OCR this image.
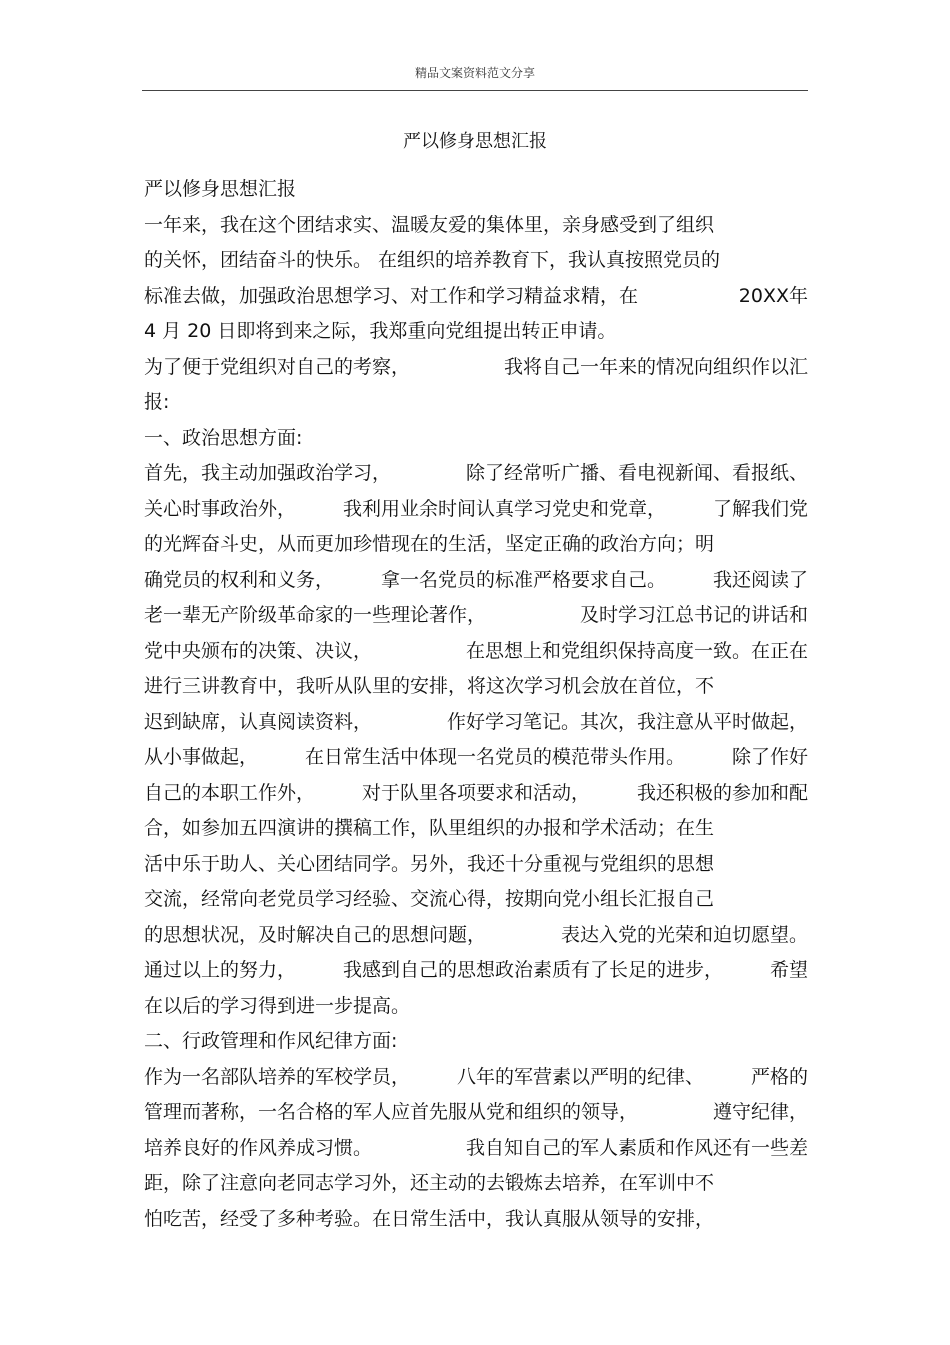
精品文案资料范文分享
严以修身思想汇报
严以修身思想汇报
一年来，我在这个团结求实、温暖友爱的集体里，亲身感受到了组织
的关怀，团结奋斗的快乐。 在组织的培养教育下，我认真按照党员的
标准去做，加强政治思想学习、对工作和学习精益求精，在	20XX年
4 月 20 日即将到来之际，我郑重向党组提出转正申请。
为了便于党组织对自己的考察，	我将自己一年来的情况向组织作以汇
报:
一、政治思想方面:
首先，我主动加强政治学习，	除了经常听广播、看电视新闻、看报纸、
关心时事政治外， 我利用业余时间认真学习党史和党章， 了解我们党
的光辉奋斗史，从而更加珍惜现在的生活，坚定正确的政治方向；明
确党员的权利和义务， 拿一名党员的标准严格要求自己。 我还阅读了
老一辈无产阶级革命家的一些理论著作，	及时学习江总书记的讲话和
党中央颁布的决策、决议，	在思想上和党组织保持高度一致。在正在
进行三讲教育中，我听从队里的安排，将这次学习机会放在首位，不
迟到缺席，认真阅读资料，	作好学习笔记。其次，我注意从平时做起，
从小事做起， 在日常生活中体现一名党员的模范带头作用。 除了作好
自己的本职工作外， 对于队里各项要求和活动， 我还积极的参加和配
合，如参加五四演讲的撰稿工作，队里组织的办报和学术活动；在生
活中乐于助人、关心团结同学。另外，我还十分重视与党组织的思想
交流，经常向老党员学习经验、交流心得，按期向党小组长汇报自己
的思想状况，及时解决自己的思想问题，	表达入党的光荣和迫切愿望。
通过以上的努力， 我感到自己的思想政治素质有了长足的进步， 希望
在以后的学习得到进一步提高。
二、行政管理和作风纪律方面:
作为一名部队培养的军校学员， 八年的军营素以严明的纪律、 严格的
管理而著称，一名合格的军人应首先服从党和组织的领导，	遵守纪律，
培养良好的作风养成习惯。	我自知自己的军人素质和作风还有一些差
距，除了注意向老同志学习外，还主动的去锻炼去培养，在军训中不
怕吃苦，经受了多种考验。在日常生活中，我认真服从领导的安排，
